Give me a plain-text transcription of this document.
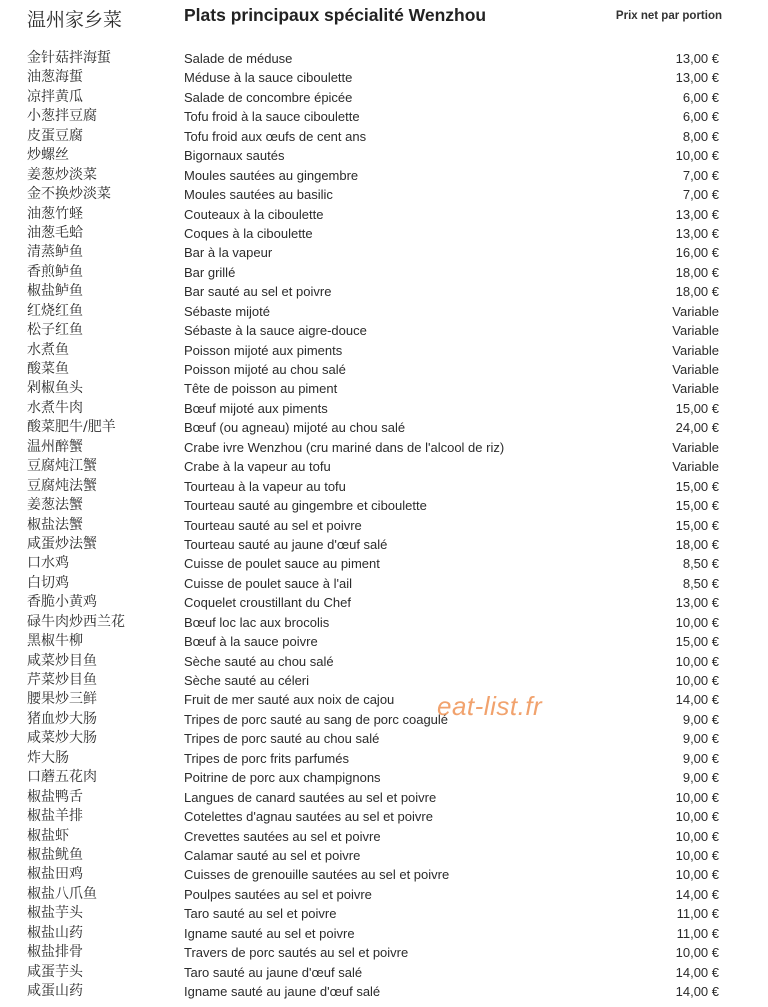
温州家乡菜	Plats principaux spécialité Wenzhou	Prix net par portion
金针菇拌海蜇	Salade de méduse	13,00 €
油葱海蜇	Méduse à la sauce ciboulette	13,00 €
凉拌黄瓜	Salade de concombre épicée	6,00 €
小葱拌豆腐	Tofu froid à la sauce ciboulette	6,00 €
皮蛋豆腐	Tofu froid aux œufs de cent ans	8,00 €
炒螺丝	Bigornaux sautés	10,00 €
姜葱炒淡菜	Moules sautées au gingembre	7,00 €
金不换炒淡菜	Moules sautées au basilic	7,00 €
油葱竹蛏	Couteaux à la ciboulette	13,00 €
油葱毛蛤	Coques à la ciboulette	13,00 €
清蒸鲈鱼	Bar à la vapeur	16,00 €
香煎鲈鱼	Bar grillé	18,00 €
椒盐鲈鱼	Bar sauté au sel et poivre	18,00 €
红烧红鱼	Sébaste mijoté	Variable
松子红鱼	Sébaste à la sauce aigre-douce	Variable
水煮鱼	Poisson mijoté aux piments	Variable
酸菜鱼	Poisson mijoté au chou salé	Variable
剁椒鱼头	Tête de poisson au piment	Variable
水煮牛肉	Bœuf mijoté aux piments	15,00 €
酸菜肥牛/肥羊	Bœuf (ou agneau) mijoté au chou salé	24,00 €
温州醉蟹	Crabe ivre Wenzhou (cru mariné dans de l'alcool de riz)	Variable
豆腐炖江蟹	Crabe à la vapeur au tofu	Variable
豆腐炖法蟹	Tourteau à la vapeur au tofu	15,00 €
姜葱法蟹	Tourteau sauté au gingembre et ciboulette	15,00 €
椒盐法蟹	Tourteau sauté au sel et poivre	15,00 €
咸蛋炒法蟹	Tourteau sauté au jaune d'œuf salé	18,00 €
口水鸡	Cuisse de poulet sauce au piment	8,50 €
白切鸡	Cuisse de poulet sauce à l'ail	8,50 €
香脆小黄鸡	Coquelet croustillant du Chef	13,00 €
碌牛肉炒西兰花	Bœuf loc lac aux brocolis	10,00 €
黑椒牛柳	Bœuf à la sauce poivre	15,00 €
咸菜炒目鱼	Sèche sauté au chou salé	10,00 €
芹菜炒目鱼	Sèche sauté au céleri	10,00 €
腰果炒三鲜	Fruit de mer sauté aux noix de cajou	14,00 €
猪血炒大肠	Tripes de porc sauté au sang de porc coagulé	9,00 €
咸菜炒大肠	Tripes de porc sauté au chou salé	9,00 €
炸大肠	Tripes de porc frits parfumés	9,00 €
口蘑五花肉	Poitrine de porc aux champignons	9,00 €
椒盐鸭舌	Langues de canard sautées au sel et poivre	10,00 €
椒盐羊排	Cotelettes d'agnau sautées au sel et poivre	10,00 €
椒盐虾	Crevettes sautées au sel et poivre	10,00 €
椒盐鱿鱼	Calamar sauté au sel et poivre	10,00 €
椒盐田鸡	Cuisses de grenouille sautées au sel et poivre	10,00 €
椒盐八爪鱼	Poulpes sautées au sel et poivre	14,00 €
椒盐芋头	Taro sauté au sel et poivre	11,00 €
椒盐山药	Igname sauté au sel et poivre	11,00 €
椒盐排骨	Travers de porc sautés au sel et poivre	10,00 €
咸蛋芋头	Taro sauté au jaune d'œuf salé	14,00 €
咸蛋山药	Igname sauté au jaune d'œuf salé	14,00 €
eat-list.fr
